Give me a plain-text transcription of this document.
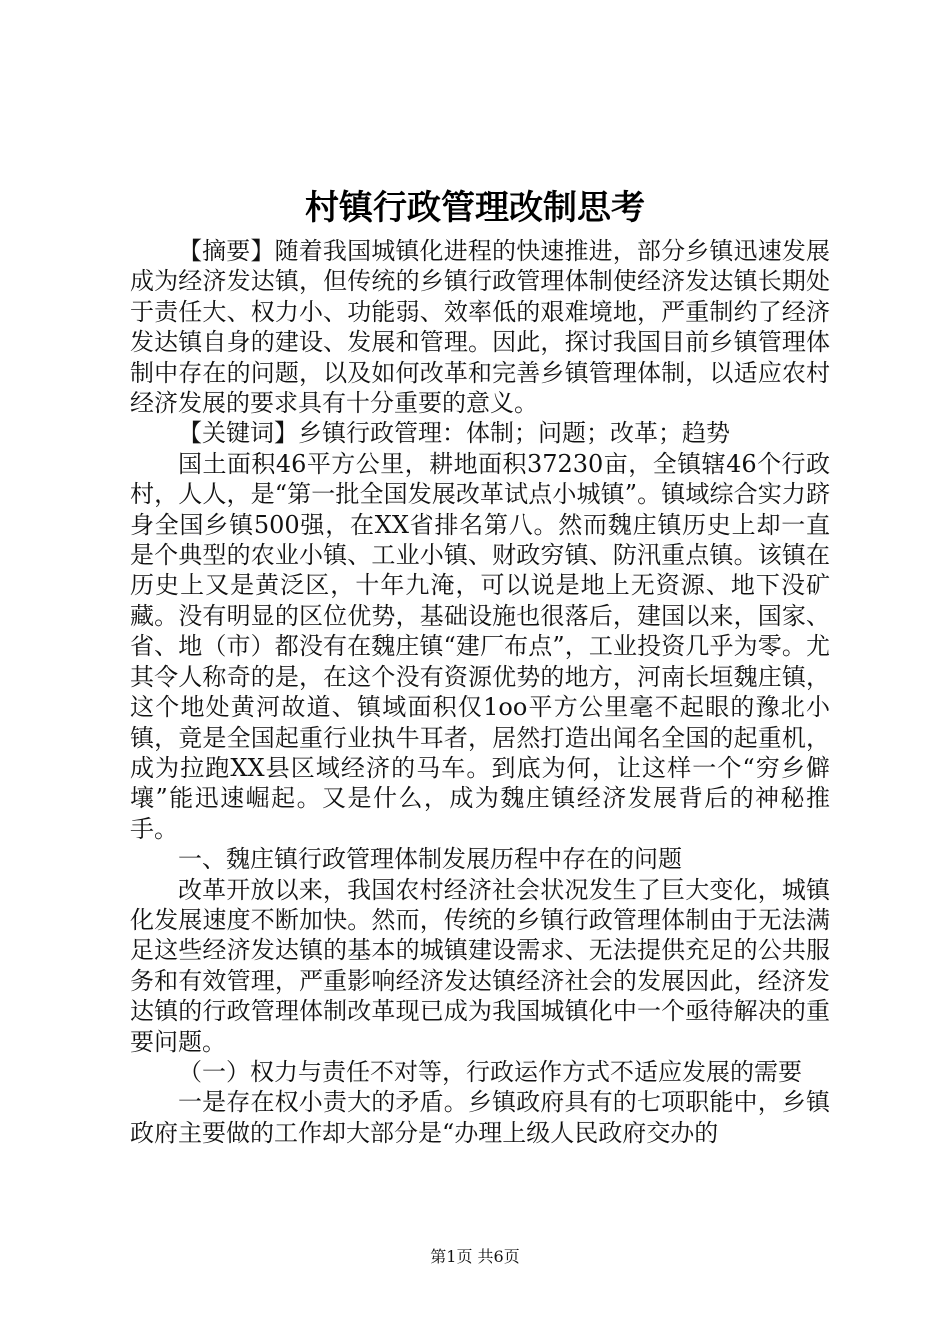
村镇行政管理改制思考

【摘要】随着我国城镇化进程的快速推进，部分乡镇迅速发展成为经济发达镇，但传统的乡镇行政管理体制使经济发达镇长期处于责任大、权力小、功能弱、效率低的艰难境地，严重制约了经济发达镇自身的建设、发展和管理。因此，探讨我国目前乡镇管理体制中存在的问题，以及如何改革和完善乡镇管理体制，以适应农村经济发展的要求具有十分重要的意义。

【关键词】乡镇行政管理：体制；问题；改革；趋势

国土面积46平方公里，耕地面积37230亩，全镇辖46个行政村，人人，是“第一批全国发展改革试点小城镇”。镇域综合实力跻身全国乡镇500强，在XX省排名第八。然而魏庄镇历史上却一直是个典型的农业小镇、工业小镇、财政穷镇、防汛重点镇。该镇在历史上又是黄泛区，十年九淹，可以说是地上无资源、地下没矿藏。没有明显的区位优势，基础设施也很落后，建国以来，国家、省、地（市）都没有在魏庄镇“建厂布点”，工业投资几乎为零。尤其令人称奇的是，在这个没有资源优势的地方，河南长垣魏庄镇，这个地处黄河故道、镇域面积仅1oo平方公里毫不起眼的豫北小镇，竟是全国起重行业执牛耳者，居然打造出闻名全国的起重机，成为拉跑XX县区域经济的马车。到底为何，让这样一个“穷乡僻壤”能迅速崛起。又是什么，成为魏庄镇经济发展背后的神秘推手。

一、魏庄镇行政管理体制发展历程中存在的问题

改革开放以来，我国农村经济社会状况发生了巨大变化，城镇化发展速度不断加快。然而，传统的乡镇行政管理体制由于无法满足这些经济发达镇的基本的城镇建设需求、无法提供充足的公共服务和有效管理，严重影响经济发达镇经济社会的发展因此，经济发达镇的行政管理体制改革现已成为我国城镇化中一个亟待解决的重要问题。

（一）权力与责任不对等，行政运作方式不适应发展的需要

一是存在权小责大的矛盾。乡镇政府具有的七项职能中，乡镇政府主要做的工作却大部分是“办理上级人民政府交办的

第1页 共6页
